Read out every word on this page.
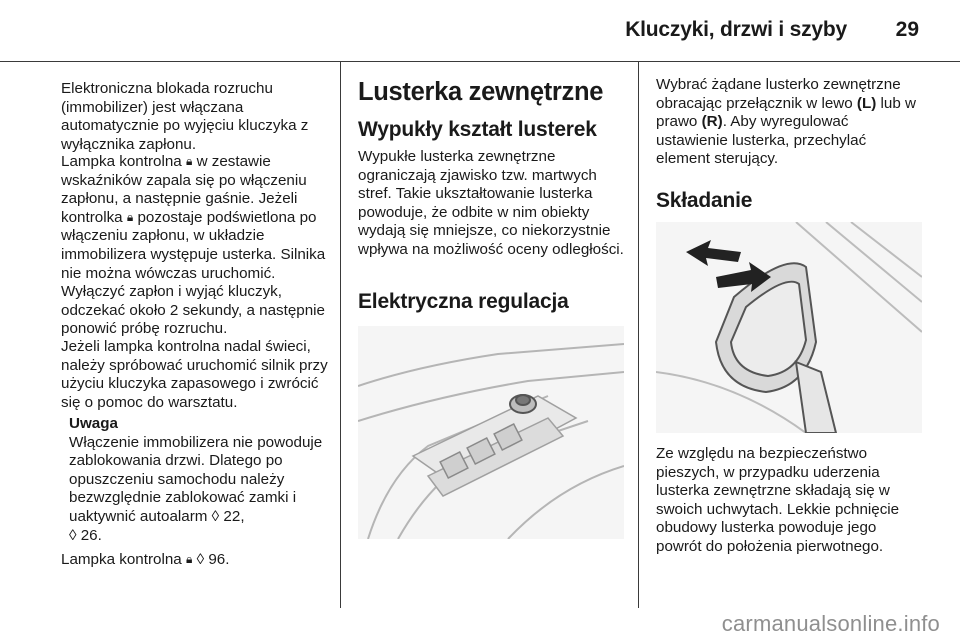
Kluczyki, drzwi i szyby 29

Elektroniczna blokada rozruchu (immobilizer) jest włączana automatycznie po wyjęciu kluczyka z wyłącznika zapłonu.

Lampka kontrolna 🔒︎ w zestawie wskaźników zapala się po włączeniu zapłonu, a następnie gaśnie. Jeżeli kontrolka 🔒︎ pozostaje podświetlona po włączeniu zapłonu, w układzie immobilizera występuje usterka. Silnika nie można wówczas uruchomić. Wyłączyć zapłon i wyjąć kluczyk, odczekać około 2 sekundy, a następnie ponowić próbę rozruchu.

Jeżeli lampka kontrolna nadal świeci, należy spróbować uruchomić silnik przy użyciu kluczyka zapasowego i zwrócić się o pomoc do warsztatu.

Uwaga

Włączenie immobilizera nie powoduje zablokowania drzwi. Dlatego po opuszczeniu samochodu należy bezwzględnie zablokować zamki i uaktywnić autoalarm ◊ 22,
◊ 26.

Lampka kontrolna 🔒︎ ◊ 96.

Lusterka zewnętrzne
Wypukły kształt lusterek

Wypukłe lusterka zewnętrzne ograniczają zjawisko tzw. martwych stref. Takie ukształtowanie lusterka powoduje, że odbite w nim obiekty wydają się mniejsze, co niekorzystnie wpływa na możliwość oceny odległości.

Elektryczna regulacja

Wybrać żądane lusterko zewnętrzne obracając przełącznik w lewo (L) lub w prawo (R). Aby wyregulować ustawienie lusterka, przechylać element sterujący.

Składanie

Ze względu na bezpieczeństwo pieszych, w przypadku uderzenia lusterka zewnętrzne składają się w swoich uchwytach. Lekkie pchnięcie obudowy lusterka powoduje jego powrót do położenia pierwotnego.

carmanualsonline.info
